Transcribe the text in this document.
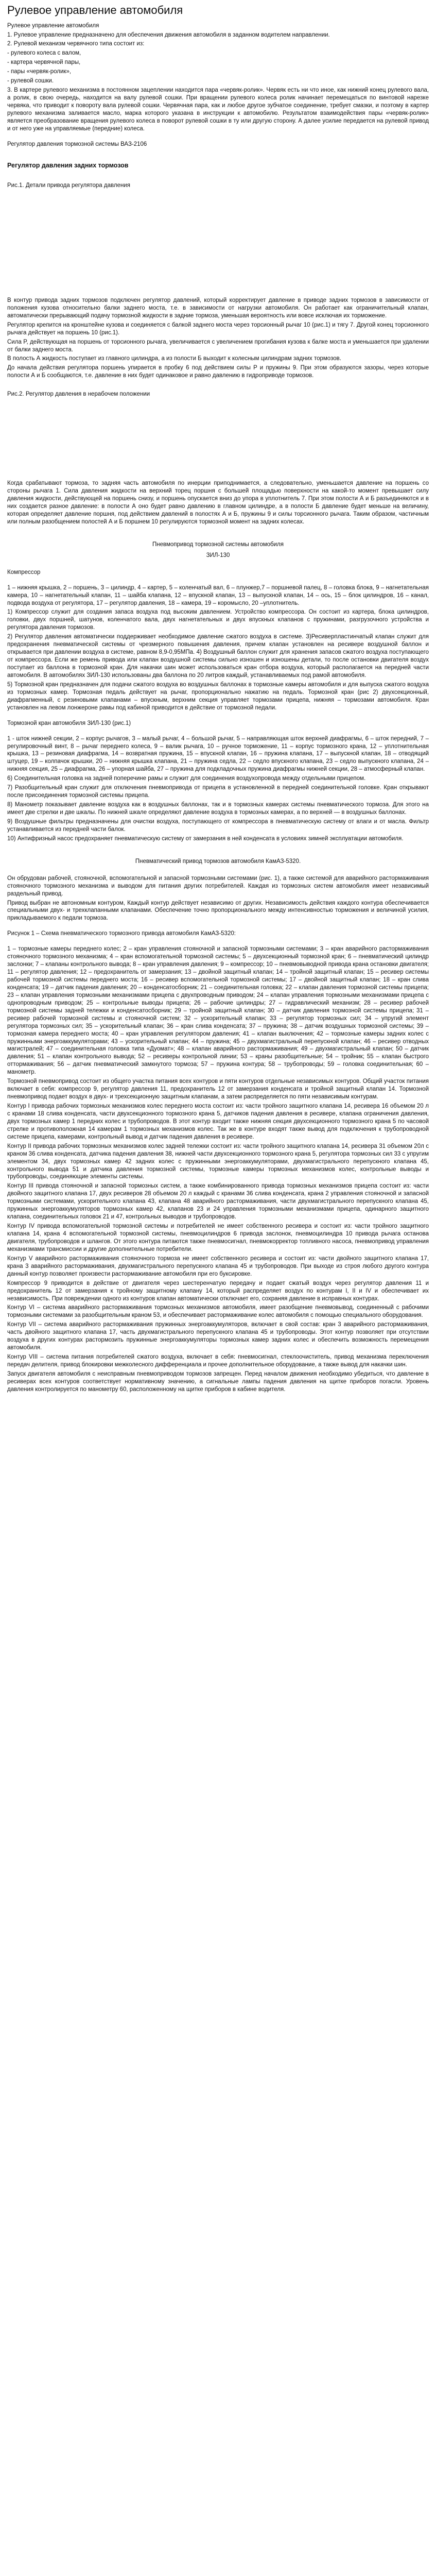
Рулевое управление автомобиля
Рулевое управление автомобиля
1. Рулевое управление предназначено для обеспечения движения автомобиля в заданном водителем направлении.
2. Рулевой механизм червячного типа состоит из:
- рулевого колеса с валом,
- картера червячной пары,
- пары «червяк-ролик»,
- рулевой сошки.
3. В картере рулевого механизма в постоянном зацеплении находится пара «червяк-ролик». Червяк есть ни что иное, как нижний конец рулевого вала, а ролик, в свою очередь, находится на валу рулевой сошки. При вращении рулевого колеса ролик начинает перемещаться по винтовой нарезке червяка, что приводит к повороту вала рулевой сошки. Червячная пара, как и любое другое зубчатое соединение, требует смазки, и поэтому в картер рулевого механизма заливается масло, марка которого указана в инструкции к автомобилю. Результатом взаимодействия пары «червяк-ролик» является преобразование вращения рулевого колеса в поворот рулевой сошки в ту или другую сторону. А далее усилие передается на рулевой привод и от него уже на управляемые (передние) колеса.
Регулятор давления тормозной системы ВАЗ-2106
Регулятор давления задних тормозов
Рис.1. Детали привода регулятора давления
В контур привода задних тормозов подключен регулятор давлений, который корректирует давление в приводе задних тормозов в зависимости от положения кузова относительно балки заднего моста, т.е. в зависимости от нагрузки автомобиля. Он работает как ограничительный клапан, автоматически прерывающий подачу тормозной жидкости в задние тормоза, уменьшая вероятность или вовсе исключая их торможение.
Регулятор крепится на кронштейне кузова и соединяется с балкой заднего моста через торсионный рычаг 10 (рис.1) и тягу 7. Другой конец торсионного рычага действует на поршень 10 (рис.1).
Сила P, действующая на поршень от торсионного рычага, увеличивается с увеличением прогибания кузова к балке моста и уменьшается при удалении от балки заднего моста.
В полость А жидкость поступает из главного цилиндра, а из полости Б выходит к колесным цилиндрам задних тормозов.
До начала действия регулятора поршень упирается в пробку 6 под действием силы P и пружины 9. При этом образуются зазоры, через которые полости А и Б сообщаются, т.е. давление в них будет одинаковое и равно давлению в гидроприводе тормозов.
Рис.2. Регулятор давления в нерабочем положении
Когда срабатывают тормоза, то задняя часть автомобиля по инерции приподнимается, а следовательно, уменьшается давление на поршень со стороны рычага 1. Сила давления жидкости на верхний торец поршня с большей площадью поверхности на какой-то момент превышает силу давления жидкости, действующей на поршень снизу, и поршень опускается вниз до упора в уплотнитель 7. При этом полости А и Б разъединяются и в них создается разное давление: в полости А оно будет равно давлению в главном цилиндре, а в полости Б давление будет меньше на величину, которая определяет давление поршня, под действием давлений в полостях А и Б, пружины 9 и силы торсионного рычага. Таким образом, частичным или полным разобщением полостей А и Б поршнем 10 регулируются тормозной момент на задних колесах.
Пневмопривод тормозной системы автомобиля
ЗИЛ-130
Компрессор
1 – нижняя крышка, 2 – поршень, 3 – цилиндр, 4 – картер, 5 – коленчатый вал, 6 – плунжер,7 – поршневой палец, 8 – головка блока, 9 – нагнетательная камера, 10 – нагнетательный клапан, 11 – шайба клапана, 12 – впускной клапан, 13 – выпускной клапан, 14 – ось, 15 – блок цилиндров, 16 – канал, подвода воздуха от регулятора, 17 – регулятор давления, 18 – камера, 19 – коромысло, 20 –уплотнитель.
1) Компрессор служит для создания запаса воздуха под высоким давлением. Устройство компрессора. Он состоит из картера, блока цилиндров, головки, двух поршней, шатунов, коленчатого вала, двух нагнетательных и двух впускных клапанов с пружинами, разгрузочного устройства и регулятора давления тормозов.
2) Регулятор давления автоматически поддерживает необходимое давление сжатого воздуха в системе. З)Ресиверпластинчатый клапан служит для предохранения пневматической системы от чрезмерного повышения давления, причем клапан установлен на ресивере воздушной баллон и открывается при давлении воздуха в системе, равном 8,9-0,95МПа. 4) Воздушный баллон служит для хранения запасов сжатого воздуха поступающего от компрессора. Если же ремень привода или клапан воздушной системы сильно изношен и изношены детали, то после остановки двигателя воздух поступает из баллона в тормозной кран. Для накачки шин может использоваться кран отбора воздуха, который располагается на передней части автомобиля. В автомобилях ЗИЛ-130 использованы два баллона по 20 литров каждый, устанавливаемых под рамой автомобиля.
5) Тормозной кран предназначен для подачи сжатого воздуха во воздушных баллонах в тормозные камеры автомобиля и для выпуска сжатого воздуха из тормозных камер. Тормозная педаль действует на рычаг, пропорционально нажатию на педаль. Тормозной кран (рис 2) двухсекционный, диафрагменный, с резиновыми клапанами – впускным, верхним секция управляет тормозами прицепа, нижняя – тормозами автомобиля. Кран установлен на левом лонжероне рамы под кабиной приводится в действие от тормозной педали.
Тормозной кран автомобиля ЗИЛ-130 (рис.1)
1 - шток нижней секции, 2 – корпус рычагов, 3 – малый рычаг, 4 – большой рычаг, 5 – направляющая шток верхней диафрагмы, 6 – шток передний, 7 – регулировочный винт, 8 – рычаг переднего колеса, 9 – валик рычага, 10 – ручное торможение, 11 – корпус тормозного крана, 12 – уплотнительная крышка, 13 – резиновая диафрагма, 14 – возвратная пружина, 15 – впускной клапан, 16 – пружина клапана, 17 – выпускной клапан, 18 – отводящий штуцер, 19 – колпачок крышки, 20 – нижняя крышка клапана, 21 – пружина седла, 22 – седло впускного клапана, 23 – седло выпускного клапана, 24 – нижняя секция, 25 – диафрагма, 26 – упорная шайба, 27 – пружина для подкладочных пружина диафрагмы нижней секции, 28 – атмосферный клапан.
6) Соединительная головка на задней поперечине рамы и служит для соединения воздухопровода между отдельными прицепом.
7) Разобщительный кран служит для отключения пневмопривода от прицепа в установленной в передней соединительной головке. Кран открывают после присоединения тормозной системы прицепа.
8) Манометр показывает давление воздуха как в воздушных баллонах, так и в тормозных камерах системы пневматического тормоза. Для этого на имеет две стрелки и две шкалы. По нижней шкале определяют давление воздуха в тормозных камерах, а по верхней — в воздушных баллонах.
9) Воздушные фильтры предназначены для очистки воздуха, поступающего от компрессора в пневматическую систему от влаги и от масла. Фильтр устанавливается из передней части балок.
10) Антифризный насос предохраняет пневматическую систему от замерзания в ней конденсата в условиях зимней эксплуатации автомобиля.
Пневматический привод тормозов автомобиля КамАЗ-5320.
Он обрудован рабочей, стояночной, вспомогательной и запасной тормозными системами (рис. 1), а также системой для аварийного растормаживания стояночного тормозного механизма и выводом для питания других потребителей. Каждая из тормозных систем автомобиля имеет независимый раздельный привод.
Привод выбран не автономным контуром, Каждый контур действует независимо от других. Независимость действия каждого контура обеспечивается специальными двух- и трехклапанными клапанами. Обеспечение точно пропорционального между интенсивностью торможения и величиной усилия, прикладываемого к педали тормоза.
Рисунок 1 – Схема пневматического тормозного привода автомобиля КамАЗ-5320:
1 – тормозные камеры переднего колес; 2 – кран управления стояночной и запасной тормозными системами; 3 – кран аварийного растормаживания стояночного тормозного механизма; 4 – кран вспомогательной тормозной системы; 5 – двухсекционный тормозной кран; 6 – пневматический цилиндр заслонки; 7 – клапаны контрольного вывода; 8 – кран управления давления; 9 – компрессор; 10 – пневмовыводной привода крана остановки двигателя; 11 – регулятор давления; 12 – предохранитель от замерзания; 13 – двойной защитный клапан; 14 – тройной защитный клапан; 15 – ресивер системы рабочей тормозной системы переднего моста; 16 – ресивер вспомогательной тормозной системы; 17 – двойной защитный клапан; 18 – кран слива конденсата; 19 – датчик падения давления; 20 – конденсатосборник; 21 – соединительная головка; 22 – клапан давления тормозной системы прицепа; 23 – клапан управления тормозными механизмами прицепа с двухпроводным приводом; 24 – клапан управления тормозными механизмами прицепа с однопроводным приводом; 25 – контрольные выводы прицепа; 26 – рабочие цилиндры; 27 – гидравлический механизм; 28 – ресивер рабочей тормозной системы задней тележки и конденсатосборник; 29 – тройной защитный клапан; 30 – датчик давления тормозной системы прицепа; 31 – ресивер рабочей тормозной системы и стояночной систем; 32 – ускорительный клапан; 33 – регулятор тормозных сил; 34 – упругий элемент регулятора тормозных сил; 35 – ускорительный клапан; 36 – кран слива конденсата; 37 – пружина; 38 – датчик воздушных тормозной системы; 39 – тормозная камера переднего моста; 40 – кран управления регулятором давления; 41 – клапан выключения; 42 – тормозные камеры задних колес с пружинными энергоаккумуляторами; 43 – ускорительный клапан; 44 – пружина; 45 – двухмагистральный перепускной клапан; 46 – ресивер отводных магистралей; 47 – соединительная головка типа «Дуомат»; 48 – клапан аварийного растормаживания; 49 – двухмагистральный клапан; 50 – датчик давления; 51 – клапан контрольного вывода; 52 – ресиверы контрольной линии; 53 – краны разобщительные; 54 – тройник; 55 – клапан быстрого оттормаживания; 56 – датчик пневматический замкнутого тормоза; 57 – пружина контура; 58 – трубопроводы; 59 – головка соединительная; 60 – манометр.
Тормозной пневмопривод состоит из общего участка питания всех контуров и пяти контуров отдельные независимых контуров. Общий участок питания включает в себя: компрессор 9, регулятор давления 11, предохранитель 12 от замерзания конденсата и тройной защитный клапан 14. Тормозной пневмопривод подает воздух в двух- и трехсекционную защитным клапанам, а затем распределяется по пяти независимым контурам.
Контур I привода рабочих тормозных механизмов колес переднего моста состоит из: части тройного защитного клапана 14, ресивера 16 объемом 20 л с кранами 18 слива конденсата, части двухсекционного тормозного крана 5, датчиков падения давления в ресивере, клапана ограничения давления, двух тормозных камер 1 передних колес и трубопроводов. В этот контур входит также нижняя секция двухсекционного тормозного крана 5 по часовой стрелке и противоположная 14 камерам 1 тормозных механизмов колес. Так же в контуре входят также вывод для подключения к трубопроводной системе прицепа, камерами, контрольный вывод и датчик падения давления в ресивере.
Контур II привода рабочих тормозных механизмов колес задней тележки состоит из: части тройного защитного клапана 14, ресивера 31 объемом 20л с краном 36 слива конденсата, датчика падения давления 38, нижней части двухсекционного тормозного крана 5, регулятора тормозных сил 33 с упругим элементом 34, двух тормозных камер 42 задних колес с пружинными энергоаккумуляторами, двухмагистрального перепускного клапана 45, контрольного вывода 51 и датчика давления тормозной системы, тормозные камеры тормозных механизмов колес, контрольные выводы и трубопроводы, соединяющие элементы системы.
Контур III привода стояночной и запасной тормозных систем, а также комбинированного привода тормозных механизмов прицепа состоит из: части двойного защитного клапана 17, двух ресиверов 28 объемом 20 л каждый с кранами 36 слива конденсата, крана 2 управления стояночной и запасной тормозными системами, ускорительного клапана 43, клапана 48 аварийного растормаживания, части двухмагистрального перепускного клапана 45, пружинных энергоаккумуляторов тормозных камер 42, клапанов 23 и 24 управления тормозными механизмами прицепа, одинарного защитного клапана, соединительных головок 21 и 47, контрольных выводов и трубопроводов.
Контур IV привода вспомогательной тормозной системы и потребителей не имеет собственного ресивера и состоит из: части тройного защитного клапана 14, крана 4 вспомогательной тормозной системы, пневмоцилиндров 6 привода заслонок, пневмоцилиндра 10 привода рычага останова двигателя, трубопроводов и шлангов. От этого контура питаются также пневмосигнал, пневмокорректор топливного насоса, пневмопривод управления механизмами трансмиссии и другие дополнительные потребители.
Контур V аварийного растормаживания стояночного тормоза не имеет собственного ресивера и состоит из: части двойного защитного клапана 17, крана 3 аварийного растормаживания, двухмагистрального перепускного клапана 45 и трубопроводов. При выходе из строя любого другого контура данный контур позволяет произвести растормаживание автомобиля при его буксировке.
Компрессор 9 приводится в действие от двигателя через шестеренчатую передачу и подает сжатый воздух через регулятор давления 11 и предохранитель 12 от замерзания к тройному защитному клапану 14, который распределяет воздух по контурам I, II и IV и обеспечивает их независимость. При повреждении одного из контуров клапан автоматически отключает его, сохраняя давление в исправных контурах.
Контур VI – система аварийного растормаживания тормозных механизмов автомобиля, имеет разобщение пневмовывод, соединенный с рабочими тормозными системами за разобщительным краном 53, и обеспечивает растормаживание колес автомобиля с помощью специального оборудования.
Контур VII – система аварийного растормаживания пружинных энергоаккумуляторов, включает в свой состав: кран 3 аварийного растормаживания, часть двойного защитного клапана 17, часть двухмагистрального перепускного клапана 45 и трубопроводы. Этот контур позволяет при отсутствии воздуха в других контурах растормозить пружинные энергоаккумуляторы тормозных камер задних колес и обеспечить возможность перемещения автомобиля.
Контур VIII – система питания потребителей сжатого воздуха, включает в себя: пневмосигнал, стеклоочиститель, привод механизма переключения передач делителя, привод блокировки межколесного дифференциала и прочее дополнительное оборудование, а также вывод для накачки шин.
Запуск двигателя автомобиля с неисправным пневмоприводом тормозов запрещен. Перед началом движения необходимо убедиться, что давление в ресиверах всех контуров соответствует нормативному значению, а сигнальные лампы падения давления на щитке приборов погасли. Уровень давления контролируется по манометру 60, расположенному на щитке приборов в кабине водителя.
